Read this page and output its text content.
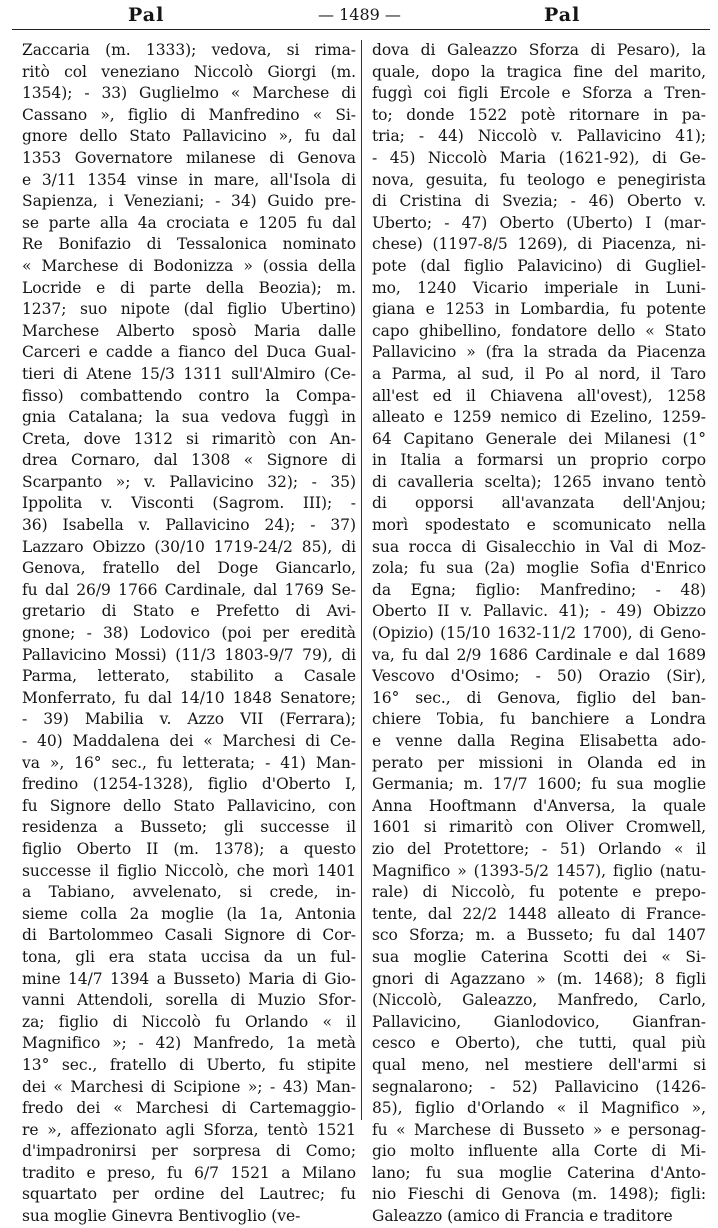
Pal	— 1489 —	Pal
Zaccaria (m. 1333); vedova, si rima-
ritò col veneziano Niccolò Giorgi (m.
1354); - 33) Guglielmo « Marchese di
Cassano », figlio di Manfredino « Si-
gnore dello Stato Pallavicino », fu dal
1353 Governatore milanese di Genova
e 3/11 1354 vinse in mare, all'Isola di
Sapienza, i Veneziani; - 34) Guido pre-
se parte alla 4a crociata e 1205 fu dal
Re Bonifazio di Tessalonica nominato
« Marchese di Bodonizza » (ossia della
Locride e di parte della Beozia); m.
1237; suo nipote (dal figlio Ubertino)
Marchese Alberto sposò Maria dalle
Carceri e cadde a fianco del Duca Gual-
tieri di Atene 15/3 1311 sull'Almiro (Ce-
fisso) combattendo contro la Compa-
gnia Catalana; la sua vedova fuggì in
Creta, dove 1312 si rimaritò con An-
drea Cornaro, dal 1308 « Signore di
Scarpanto »; v. Pallavicino 32); - 35)
Ippolita v. Visconti (Sagrom. III); -
36) Isabella v. Pallavicino 24); - 37)
Lazzaro Obizzo (30/10 1719-24/2 85), di
Genova, fratello del Doge Giancarlo,
fu dal 26/9 1766 Cardinale, dal 1769 Se-
gretario di Stato e Prefetto di Avi-
gnone; - 38) Lodovico (poi per eredità
Pallavicino Mossi) (11/3 1803-9/7 79), di
Parma, letterato, stabilito a Casale
Monferrato, fu dal 14/10 1848 Senatore;
- 39) Mabilia v. Azzo VII (Ferrara);
- 40) Maddalena dei « Marchesi di Ce-
va », 16° sec., fu letterata; - 41) Man-
fredino (1254-1328), figlio d'Oberto I,
fu Signore dello Stato Pallavicino, con
residenza a Busseto; gli successe il
figlio Oberto II (m. 1378); a questo
successe il figlio Niccolò, che morì 1401
a Tabiano, avvelenato, si crede, in-
sieme colla 2a moglie (la 1a, Antonia
di Bartolommeo Casali Signore di Cor-
tona, gli era stata uccisa da un ful-
mine 14/7 1394 a Busseto) Maria di Gio-
vanni Attendoli, sorella di Muzio Sfor-
za; figlio di Niccolò fu Orlando « il
Magnifico »; - 42) Manfredo, 1a metà
13° sec., fratello di Uberto, fu stipite
dei « Marchesi di Scipione »; - 43) Man-
fredo dei « Marchesi di Cartemaggio-
re », affezionato agli Sforza, tentò 1521
d'impadronirsi per sorpresa di Como;
tradito e preso, fu 6/7 1521 a Milano
squartato per ordine del Lautrec; fu
sua moglie Ginevra Bentivoglio (ve-
dova di Galeazzo Sforza di Pesaro), la
quale, dopo la tragica fine del marito,
fuggì coi figli Ercole e Sforza a Tren-
to; donde 1522 potè ritornare in pa-
tria; - 44) Niccolò v. Pallavicino 41);
- 45) Niccolò Maria (1621-92), di Ge-
nova, gesuita, fu teologo e penegirista
di Cristina di Svezia; - 46) Oberto v.
Uberto; - 47) Oberto (Uberto) I (mar-
chese) (1197-8/5 1269), di Piacenza, ni-
pote (dal figlio Palavicino) di Gugliel-
mo, 1240 Vicario imperiale in Luni-
giana e 1253 in Lombardia, fu potente
capo ghibellino, fondatore dello « Stato
Pallavicino » (fra la strada da Piacenza
a Parma, al sud, il Po al nord, il Taro
all'est ed il Chiavena all'ovest), 1258
alleato e 1259 nemico di Ezelino, 1259-
64 Capitano Generale dei Milanesi (1°
in Italia a formarsi un proprio corpo
di cavalleria scelta); 1265 invano tentò
di opporsi all'avanzata dell'Anjou;
morì spodestato e scomunicato nella
sua rocca di Gisalecchio in Val di Moz-
zola; fu sua (2a) moglie Sofia d'Enrico
da Egna; figlio: Manfredino; - 48)
Oberto II v. Pallavic. 41); - 49) Obizzo
(Opizio) (15/10 1632-11/2 1700), di Geno-
va, fu dal 2/9 1686 Cardinale e dal 1689
Vescovo d'Osimo; - 50) Orazio (Sir),
16° sec., di Genova, figlio del ban-
chiere Tobia, fu banchiere a Londra
e venne dalla Regina Elisabetta ado-
perato per missioni in Olanda ed in
Germania; m. 17/7 1600; fu sua moglie
Anna Hooftmann d'Anversa, la quale
1601 si rimaritò con Oliver Cromwell,
zio del Protettore; - 51) Orlando « il
Magnifico » (1393-5/2 1457), figlio (natu-
rale) di Niccolò, fu potente e prepo-
tente, dal 22/2 1448 alleato di France-
sco Sforza; m. a Busseto; fu dal 1407
sua moglie Caterina Scotti dei « Si-
gnori di Agazzano » (m. 1468); 8 figli
(Niccolò, Galeazzo, Manfredo, Carlo,
Pallavicino, Gianlodovico, Gianfran-
cesco e Oberto), che tutti, qual più
qual meno, nel mestiere dell'armi si
segnalarono; - 52) Pallavicino (1426-
85), figlio d'Orlando « il Magnifico »,
fu « Marchese di Busseto » e personag-
gio molto influente alla Corte di Mi-
lano; fu sua moglie Caterina d'Anto-
nio Fieschi di Genova (m. 1498); figli:
Galeazzo (amico di Francia e traditore
